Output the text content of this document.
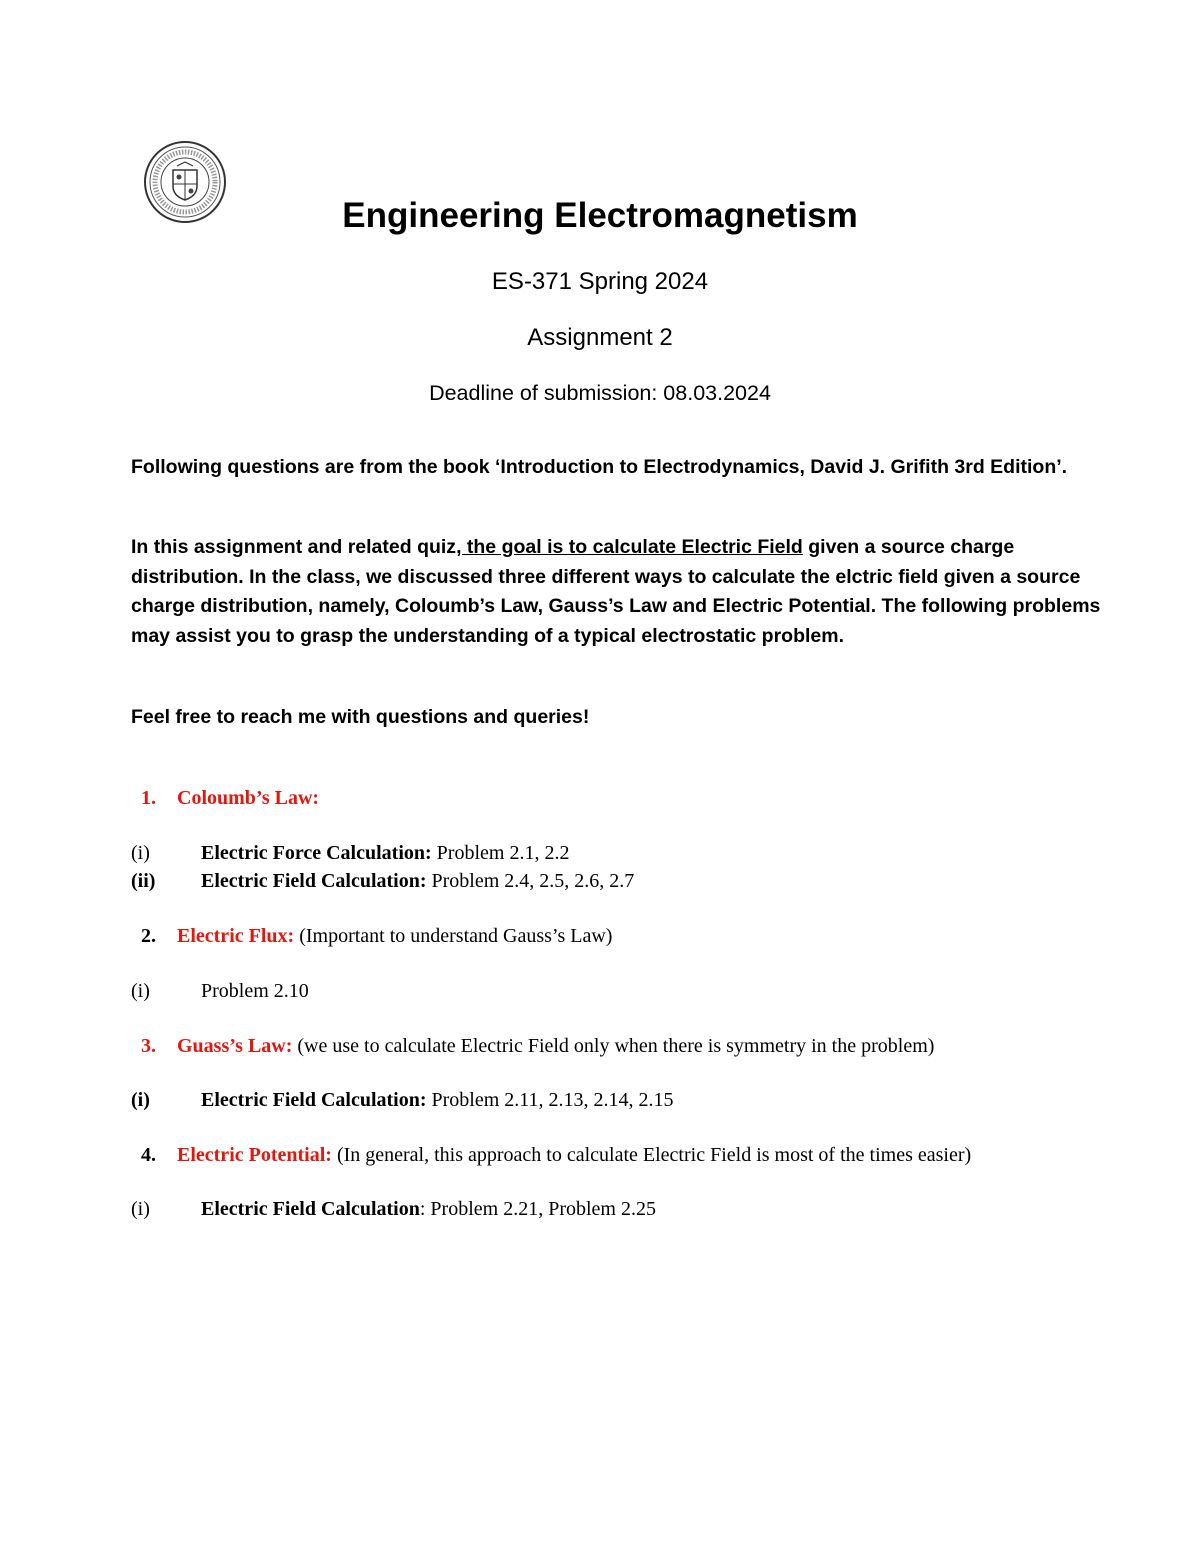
Engineering Electromagnetism
ES-371 Spring 2024
Assignment 2
Deadline of submission: 08.03.2024
Following questions are from the book ‘Introduction to Electrodynamics, David J. Grifith 3rd Edition’.
In this assignment and related quiz, the goal is to calculate Electric Field given a source charge distribution. In the class, we discussed three different ways to calculate the elctric field given a source charge distribution, namely, Coloumb’s Law, Gauss’s Law and Electric Potential. The following problems may assist you to grasp the understanding of a typical electrostatic problem.
Feel free to reach me with questions and queries!
1. Coloumb’s Law:
(i)	Electric Force Calculation: Problem 2.1, 2.2
(ii) Electric Field Calculation: Problem 2.4, 2.5, 2.6, 2.7
2. Electric Flux: (Important to understand Gauss’s Law)
(i)	Problem 2.10
3. Guass’s Law: (we use to calculate Electric Field only when there is symmetry in the problem)
(i)	Electric Field Calculation: Problem 2.11, 2.13, 2.14, 2.15
4. Electric Potential: (In general, this approach to calculate Electric Field is most of the times easier)
(i)	Electric Field Calculation: Problem 2.21, Problem 2.25
